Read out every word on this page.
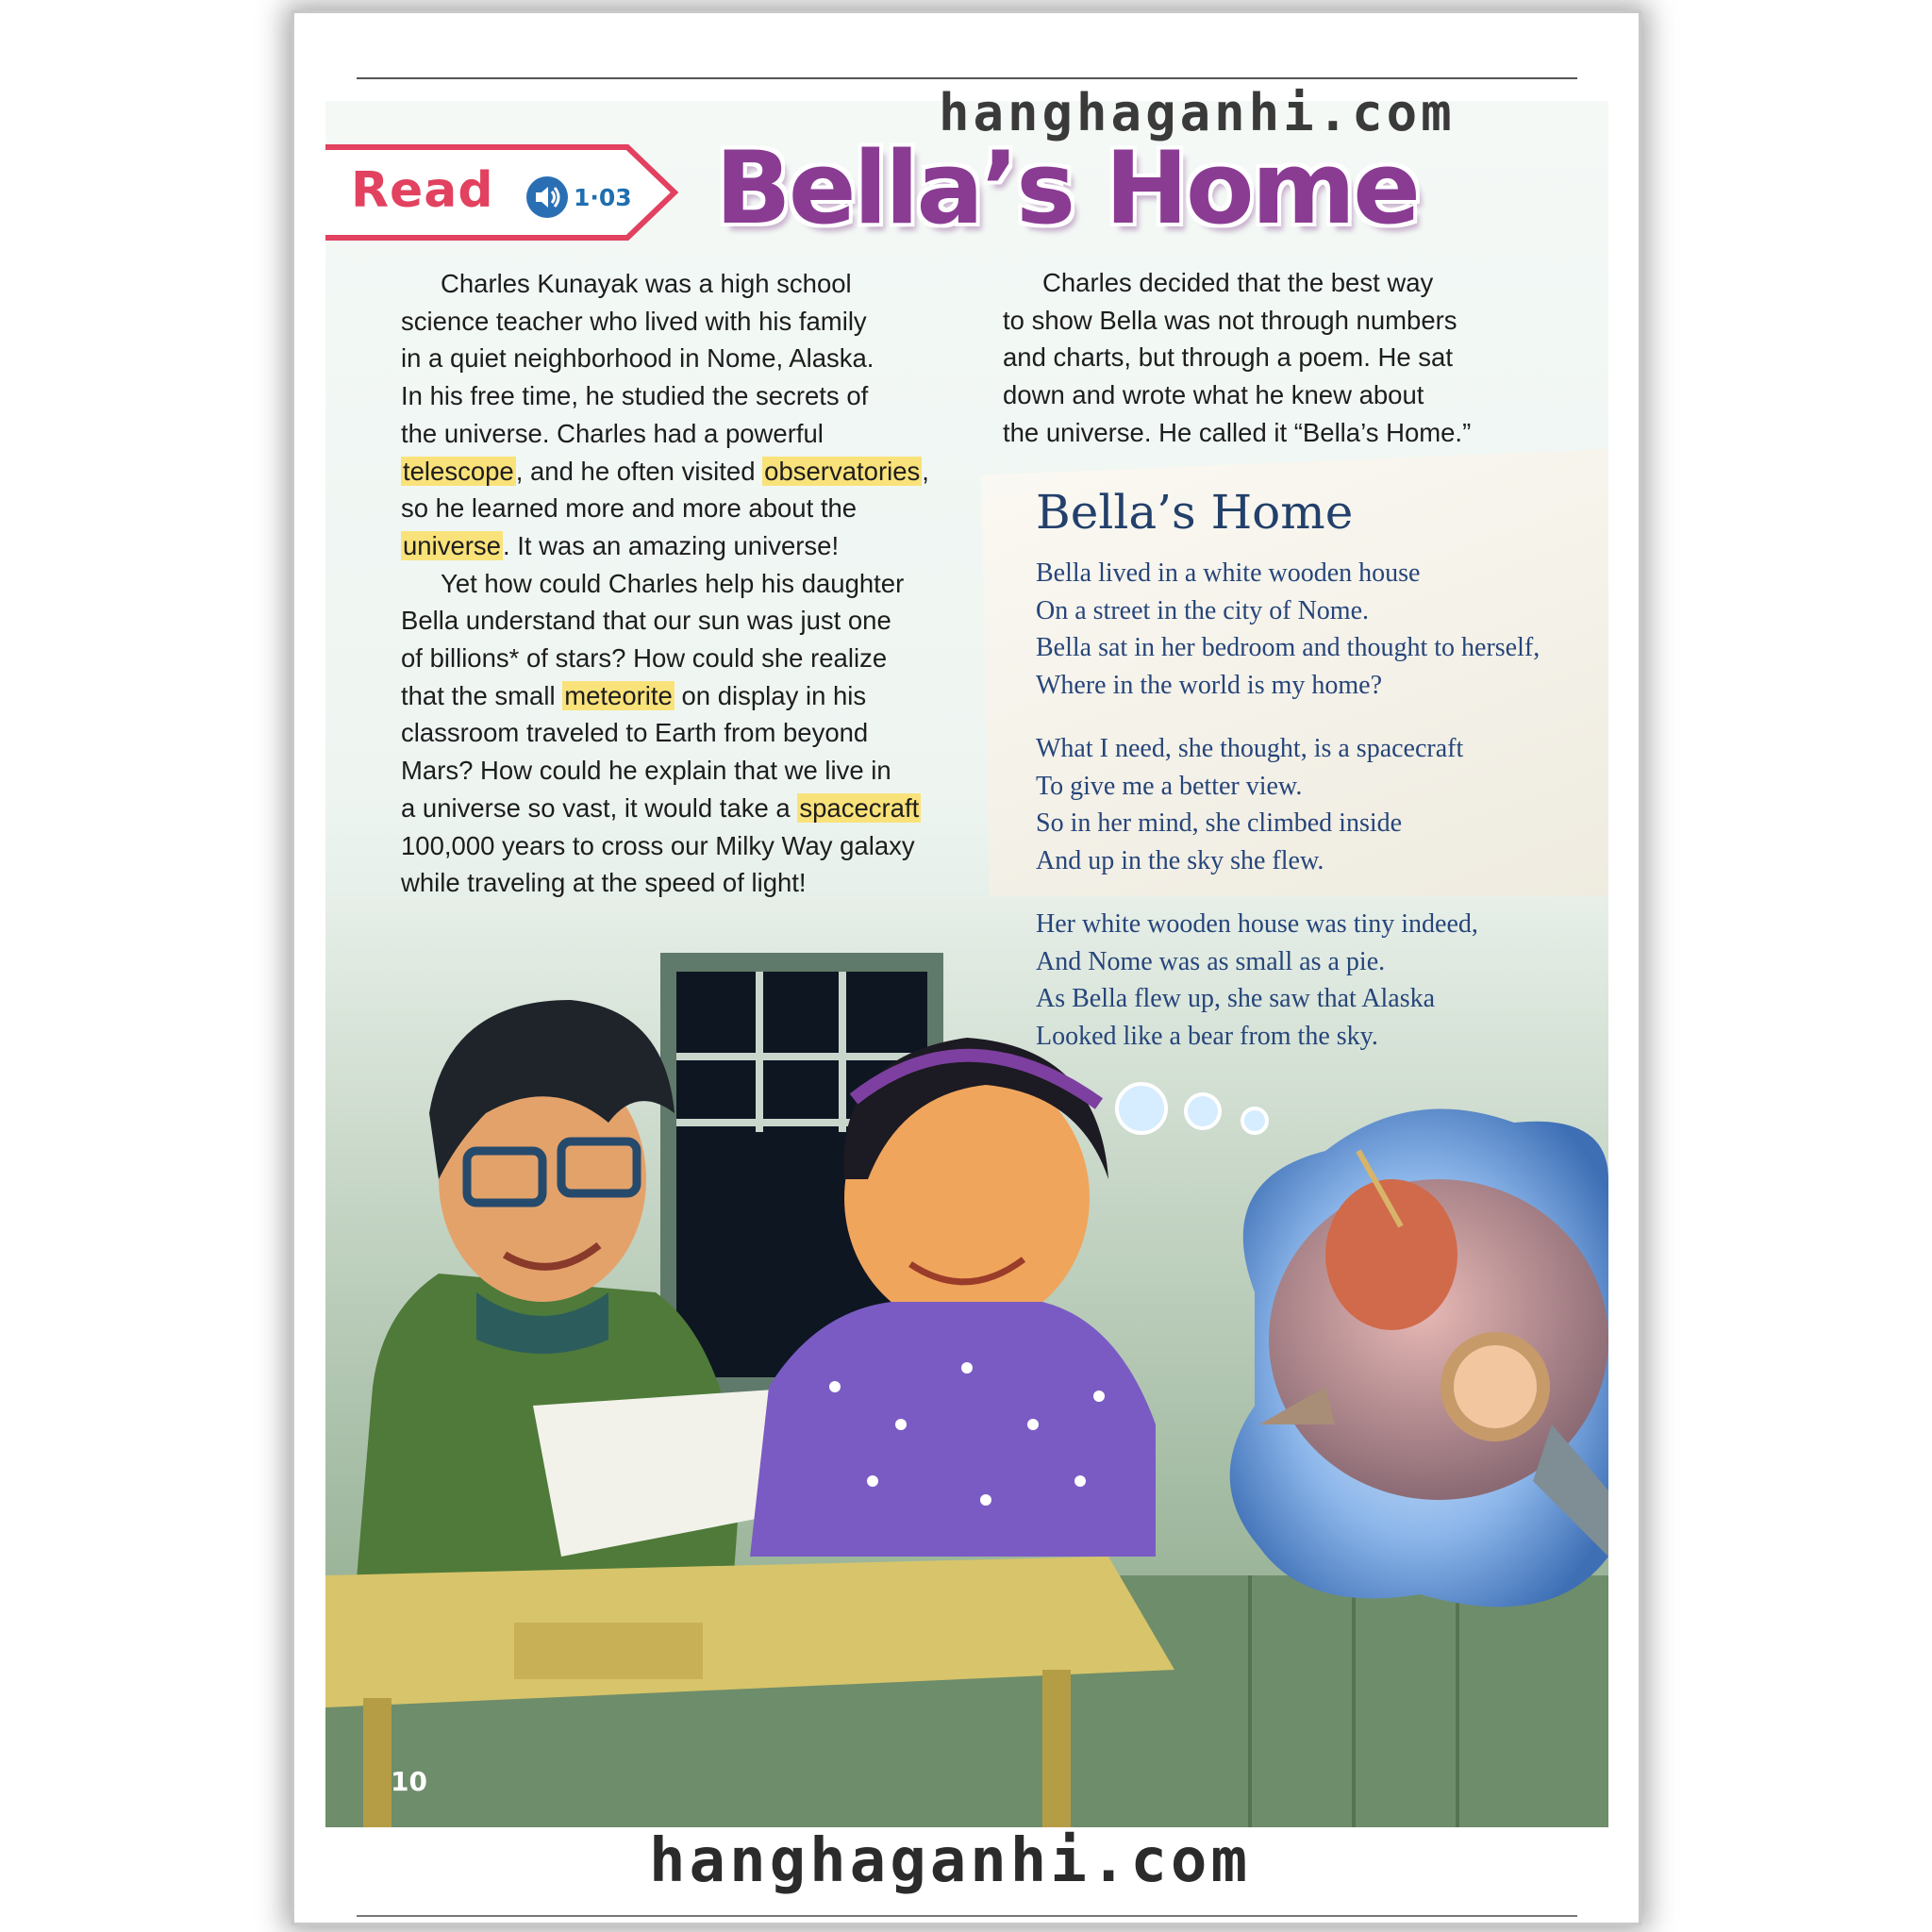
hanghaganhi.com
Read	1·03 Bella’s Home
Charles Kunayak was a high school
science teacher who lived with his family
in a quiet neighborhood in Nome, Alaska.
In his free time, he studied the secrets of
the universe. Charles had a powerful
telescope, and he often visited observatories,
so he learned more and more about the
universe. It was an amazing universe!
Yet how could Charles help his daughter
Bella understand that our sun was just one
of billions* of stars? How could she realize
that the small meteorite on display in his
classroom traveled to Earth from beyond
Mars? How could he explain that we live in
a universe so vast, it would take a spacecraft
100,000 years to cross our Milky Way galaxy
while traveling at the speed of light!
Charles decided that the best way
to show Bella was not through numbers
and charts, but through a poem. He sat
down and wrote what he knew about
the universe. He called it “Bella’s Home.”
Bella’s Home
Bella lived in a white wooden house
On a street in the city of Nome.
Bella sat in her bedroom and thought to herself,
Where in the world is my home?
What I need, she thought, is a spacecraft
To give me a better view.
So in her mind, she climbed inside
And up in the sky she flew.
Her white wooden house was tiny indeed,
And Nome was as small as a pie.
As Bella flew up, she saw that Alaska
Looked like a bear from the sky.
10
hanghaganhi.com
